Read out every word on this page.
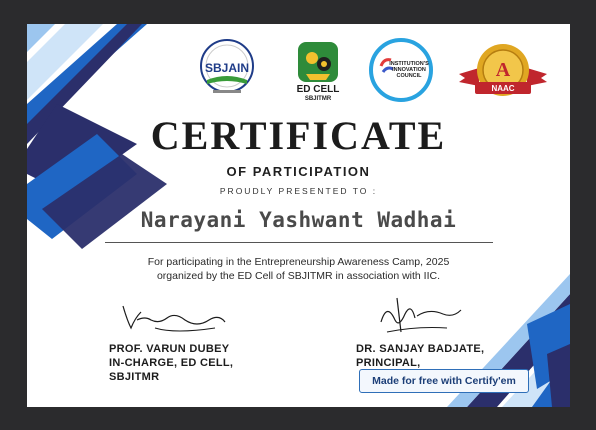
SBJAIN
ED CELL
SBJITMR
INSTITUTION'S
INNOVATION
COUNCIL	A
NAAC
CERTIFICATE
OF PARTICIPATION
PROUDLY PRESENTED TO :
Narayani Yashwant Wadhai
For participating in the Entrepreneurship Awareness Camp, 2025
organized by the ED Cell of SBJITMR in association with IIC.
PROF. VARUN DUBEY
IN-CHARGE, ED CELL,
SBJITMR
DR. SANJAY BADJATE,
PRINCIPAL,
Made for free with Certify'em
